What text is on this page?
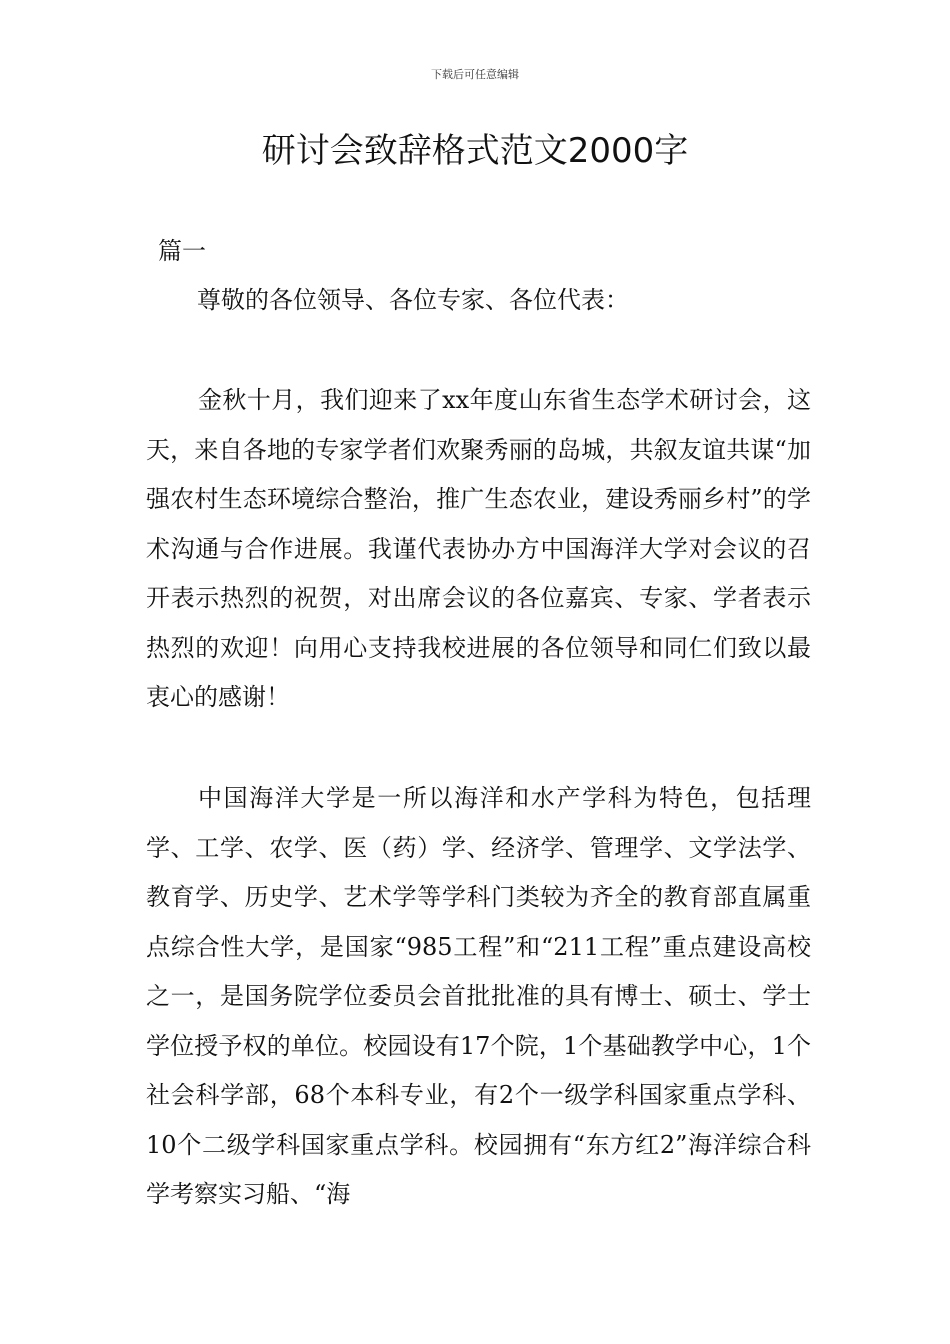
下载后可任意编辑
研讨会致辞格式范文2000字
篇一
尊敬的各位领导、各位专家、各位代表：

金秋十月，我们迎来了xx年度山东省生态学术研讨会，这天，来自各地的专家学者们欢聚秀丽的岛城，共叙友谊共谋“加强农村生态环境综合整治，推广生态农业，建设秀丽乡村”的学术沟通与合作进展。我谨代表协办方中国海洋大学对会议的召开表示热烈的祝贺，对出席会议的各位嘉宾、专家、学者表示热烈的欢迎！向用心支持我校进展的各位领导和同仁们致以最衷心的感谢！

中国海洋大学是一所以海洋和水产学科为特色，包括理学、工学、农学、医（药）学、经济学、管理学、文学法学、教育学、历史学、艺术学等学科门类较为齐全的教育部直属重点综合性大学，是国家“985工程”和“211工程”重点建设高校之一，是国务院学位委员会首批批准的具有博士、硕士、学士学位授予权的单位。校园设有17个院，1个基础教学中心，1个社会科学部，68个本科专业，有2个一级学科国家重点学科、10个二级学科国家重点学科。校园拥有“东方红2”海洋综合科学考察实习船、“海
